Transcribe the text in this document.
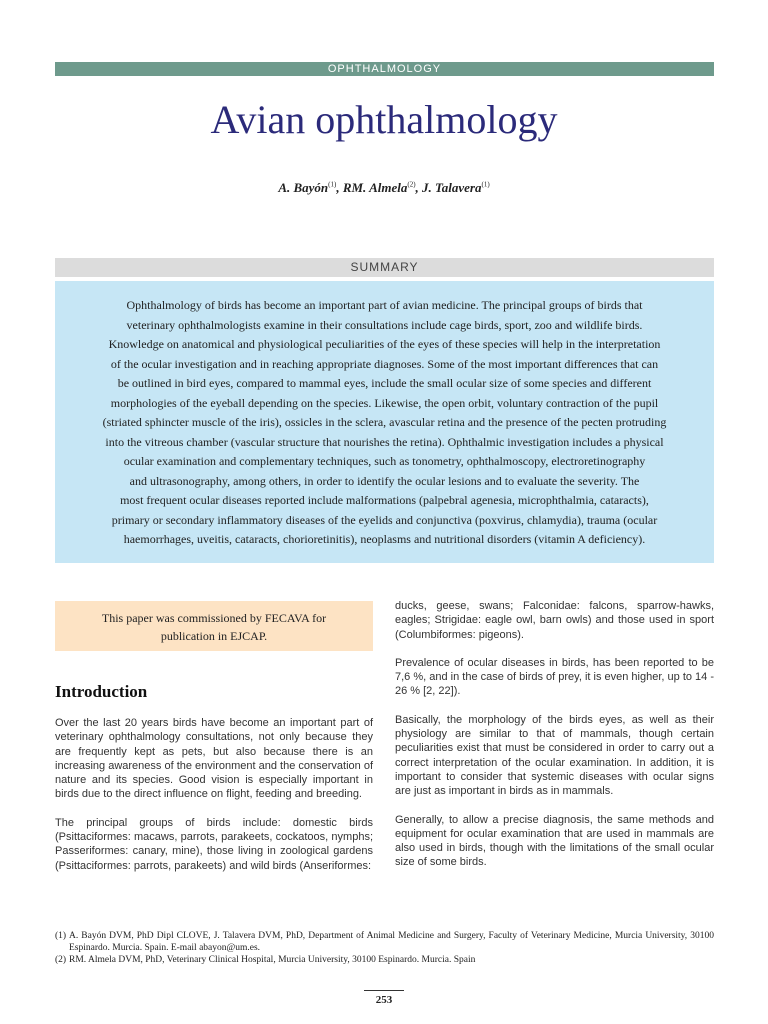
OPHTHALMOLOGY
Avian ophthalmology
A. Bayón$^{(1)}$, RM. Almela$^{(2)}$, J. Talavera$^{(1)}$
SUMMARY
Ophthalmology of birds has become an important part of avian medicine. The principal groups of birds that
veterinary ophthalmologists examine in their consultations include cage birds, sport, zoo and wildlife birds.
Knowledge on anatomical and physiological peculiarities of the eyes of these species will help in the interpretation
of the ocular investigation and in reaching appropriate diagnoses. Some of the most important differences that can
be outlined in bird eyes, compared to mammal eyes, include the small ocular size of some species and different
morphologies of the eyeball depending on the species. Likewise, the open orbit, voluntary contraction of the pupil
(striated sphincter muscle of the iris), ossicles in the sclera, avascular retina and the presence of the pecten protruding
into the vitreous chamber (vascular structure that nourishes the retina). Ophthalmic investigation includes a physical
ocular examination and complementary techniques, such as tonometry, ophthalmoscopy, electroretinography
and ultrasonography, among others, in order to identify the ocular lesions and to evaluate the severity. The
most frequent ocular diseases reported include malformations (palpebral agenesia, microphthalmia, cataracts),
primary or secondary inflammatory diseases of the eyelids and conjunctiva (poxvirus, chlamydia), trauma (ocular
haemorrhages, uveitis, cataracts, chorioretinitis), neoplasms and nutritional disorders (vitamin A deficiency).
This paper was commissioned by FECAVA for
publication in EJCAP.
Introduction

Over the last 20 years birds have become an important part of veterinary ophthalmology consultations, not only because they are frequently kept as pets, but also because there is an increasing awareness of the environment and the conservation of nature and its species. Good vision is especially important in birds due to the direct influence on flight, feeding and breeding.

The principal groups of birds include: domestic birds (Psittaciformes: macaws, parrots, parakeets, cockatoos, nymphs; Passeriformes: canary, mine), those living in zoological gardens (Psittaciformes: parrots, parakeets) and wild birds (Anseriformes:

ducks, geese, swans; Falconidae: falcons, sparrow-hawks, eagles; Strigidae: eagle owl, barn owls) and those used in sport (Columbiformes: pigeons).

Prevalence of ocular diseases in birds, has been reported to be 7,6 %, and in the case of birds of prey, it is even higher, up to 14 - 26 % [2, 22]).

Basically, the morphology of the birds eyes, as well as their physiology are similar to that of mammals, though certain peculiarities exist that must be considered in order to carry out a correct interpretation of the ocular examination. In addition, it is important to consider that systemic diseases with ocular signs are just as important in birds as in mammals.

Generally, to allow a precise diagnosis, the same methods and equipment for ocular examination that are used in mammals are also used in birds, though with the limitations of the small ocular size of some birds.

(1) A. Bayón DVM, PhD Dipl CLOVE, J. Talavera DVM, PhD, Department of Animal Medicine and Surgery, Faculty of Veterinary Medicine, Murcia University, 30100 Espinardo. Murcia. Spain. E-mail abayon@um.es.
(2) RM. Almela DVM, PhD, Veterinary Clinical Hospital, Murcia University, 30100 Espinardo. Murcia. Spain
253
